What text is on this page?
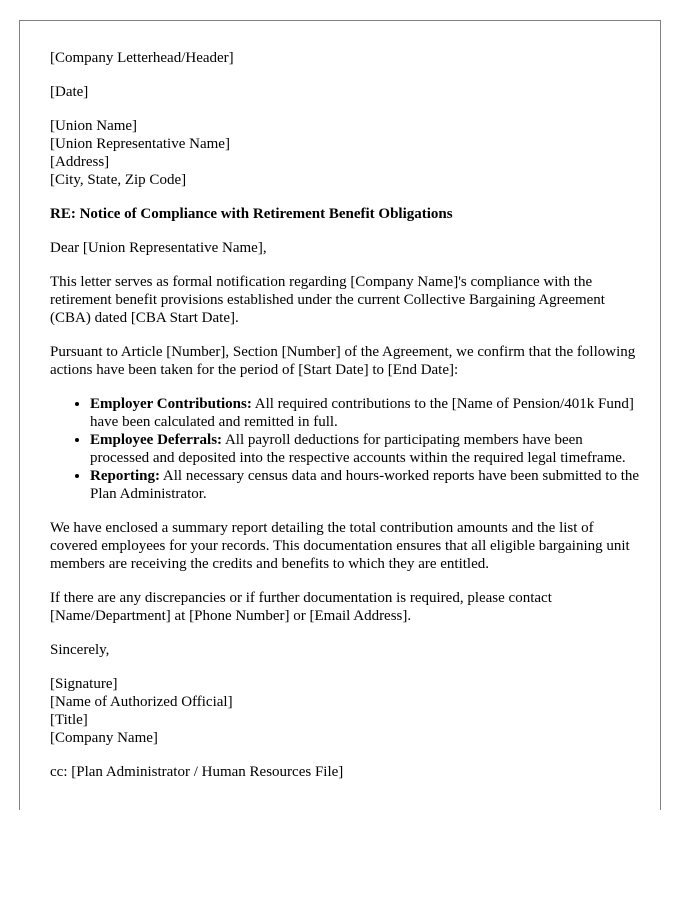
[Company Letterhead/Header]

[Date]

[Union Name]
[Union Representative Name]
[Address]
[City, State, Zip Code]

RE: Notice of Compliance with Retirement Benefit Obligations

Dear [Union Representative Name],

This letter serves as formal notification regarding [Company Name]'s compliance with the retirement benefit provisions established under the current Collective Bargaining Agreement (CBA) dated [CBA Start Date].

Pursuant to Article [Number], Section [Number] of the Agreement, we confirm that the following actions have been taken for the period of [Start Date] to [End Date]:

• Employer Contributions: All required contributions to the [Name of Pension/401k Fund] have been calculated and remitted in full.
• Employee Deferrals: All payroll deductions for participating members have been processed and deposited into the respective accounts within the required legal timeframe.
• Reporting: All necessary census data and hours-worked reports have been submitted to the Plan Administrator.

We have enclosed a summary report detailing the total contribution amounts and the list of covered employees for your records. This documentation ensures that all eligible bargaining unit members are receiving the credits and benefits to which they are entitled.

If there are any discrepancies or if further documentation is required, please contact [Name/Department] at [Phone Number] or [Email Address].

Sincerely,

[Signature]
[Name of Authorized Official]
[Title]
[Company Name]

cc: [Plan Administrator / Human Resources File]
